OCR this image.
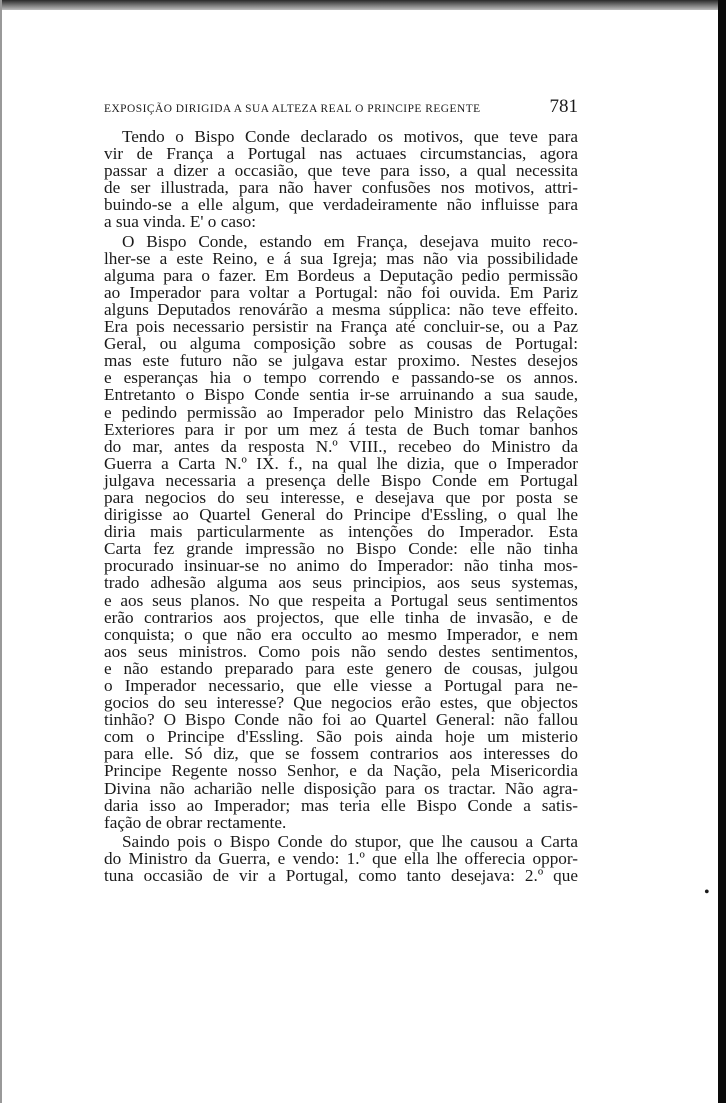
EXPOSIÇÃO DIRIGIDA A SUA ALTEZA REAL O PRINCIPE REGENTE	781
Tendo o Bispo Conde declarado os motivos, que teve para
vir de França a Portugal nas actuaes circumstancias, agora
passar a dizer a occasião, que teve para isso, a qual necessita
de ser illustrada, para não haver confusões nos motivos, attri-
buindo-se a elle algum, que verdadeiramente não influisse para
a sua vinda. E' o caso:
O Bispo Conde, estando em França, desejava muito reco-
lher-se a este Reino, e á sua Igreja; mas não via possibilidade
alguma para o fazer. Em Bordeus a Deputação pedio permissão
ao Imperador para voltar a Portugal: não foi ouvida. Em Pariz
alguns Deputados renovárão a mesma súpplica: não teve effeito.
Era pois necessario persistir na França até concluir-se, ou a Paz
Geral, ou alguma composição sobre as cousas de Portugal:
mas este futuro não se julgava estar proximo. Nestes desejos
e esperanças hia o tempo correndo e passando-se os annos.
Entretanto o Bispo Conde sentia ir-se arruinando a sua saude,
e pedindo permissão ao Imperador pelo Ministro das Relações
Exteriores para ir por um mez á testa de Buch tomar banhos
do mar, antes da resposta N.º VIII., recebeo do Ministro da
Guerra a Carta N.º IX. f., na qual lhe dizia, que o Imperador
julgava necessaria a presença delle Bispo Conde em Portugal
para negocios do seu interesse, e desejava que por posta se
dirigisse ao Quartel General do Principe d'Essling, o qual lhe
diria mais particularmente as intenções do Imperador. Esta
Carta fez grande impressão no Bispo Conde: elle não tinha
procurado insinuar-se no animo do Imperador: não tinha mos-
trado adhesão alguma aos seus principios, aos seus systemas,
e aos seus planos. No que respeita a Portugal seus sentimentos
erão contrarios aos projectos, que elle tinha de invasão, e de
conquista; o que não era occulto ao mesmo Imperador, e nem
aos seus ministros. Como pois não sendo destes sentimentos,
e não estando preparado para este genero de cousas, julgou
o Imperador necessario, que elle viesse a Portugal para ne-
gocios do seu interesse? Que negocios erão estes, que objectos
tinhão? O Bispo Conde não foi ao Quartel General: não fallou
com o Principe d'Essling. São pois ainda hoje um misterio
para elle. Só diz, que se fossem contrarios aos interesses do
Principe Regente nosso Senhor, e da Nação, pela Misericordia
Divina não acharião nelle disposição para os tractar. Não agra-
daria isso ao Imperador; mas teria elle Bispo Conde a satis-
fação de obrar rectamente.
Saindo pois o Bispo Conde do stupor, que lhe causou a Carta
do Ministro da Guerra, e vendo: 1.º que ella lhe offerecia oppor-
tuna occasião de vir a Portugal, como tanto desejava: 2.º que
•
